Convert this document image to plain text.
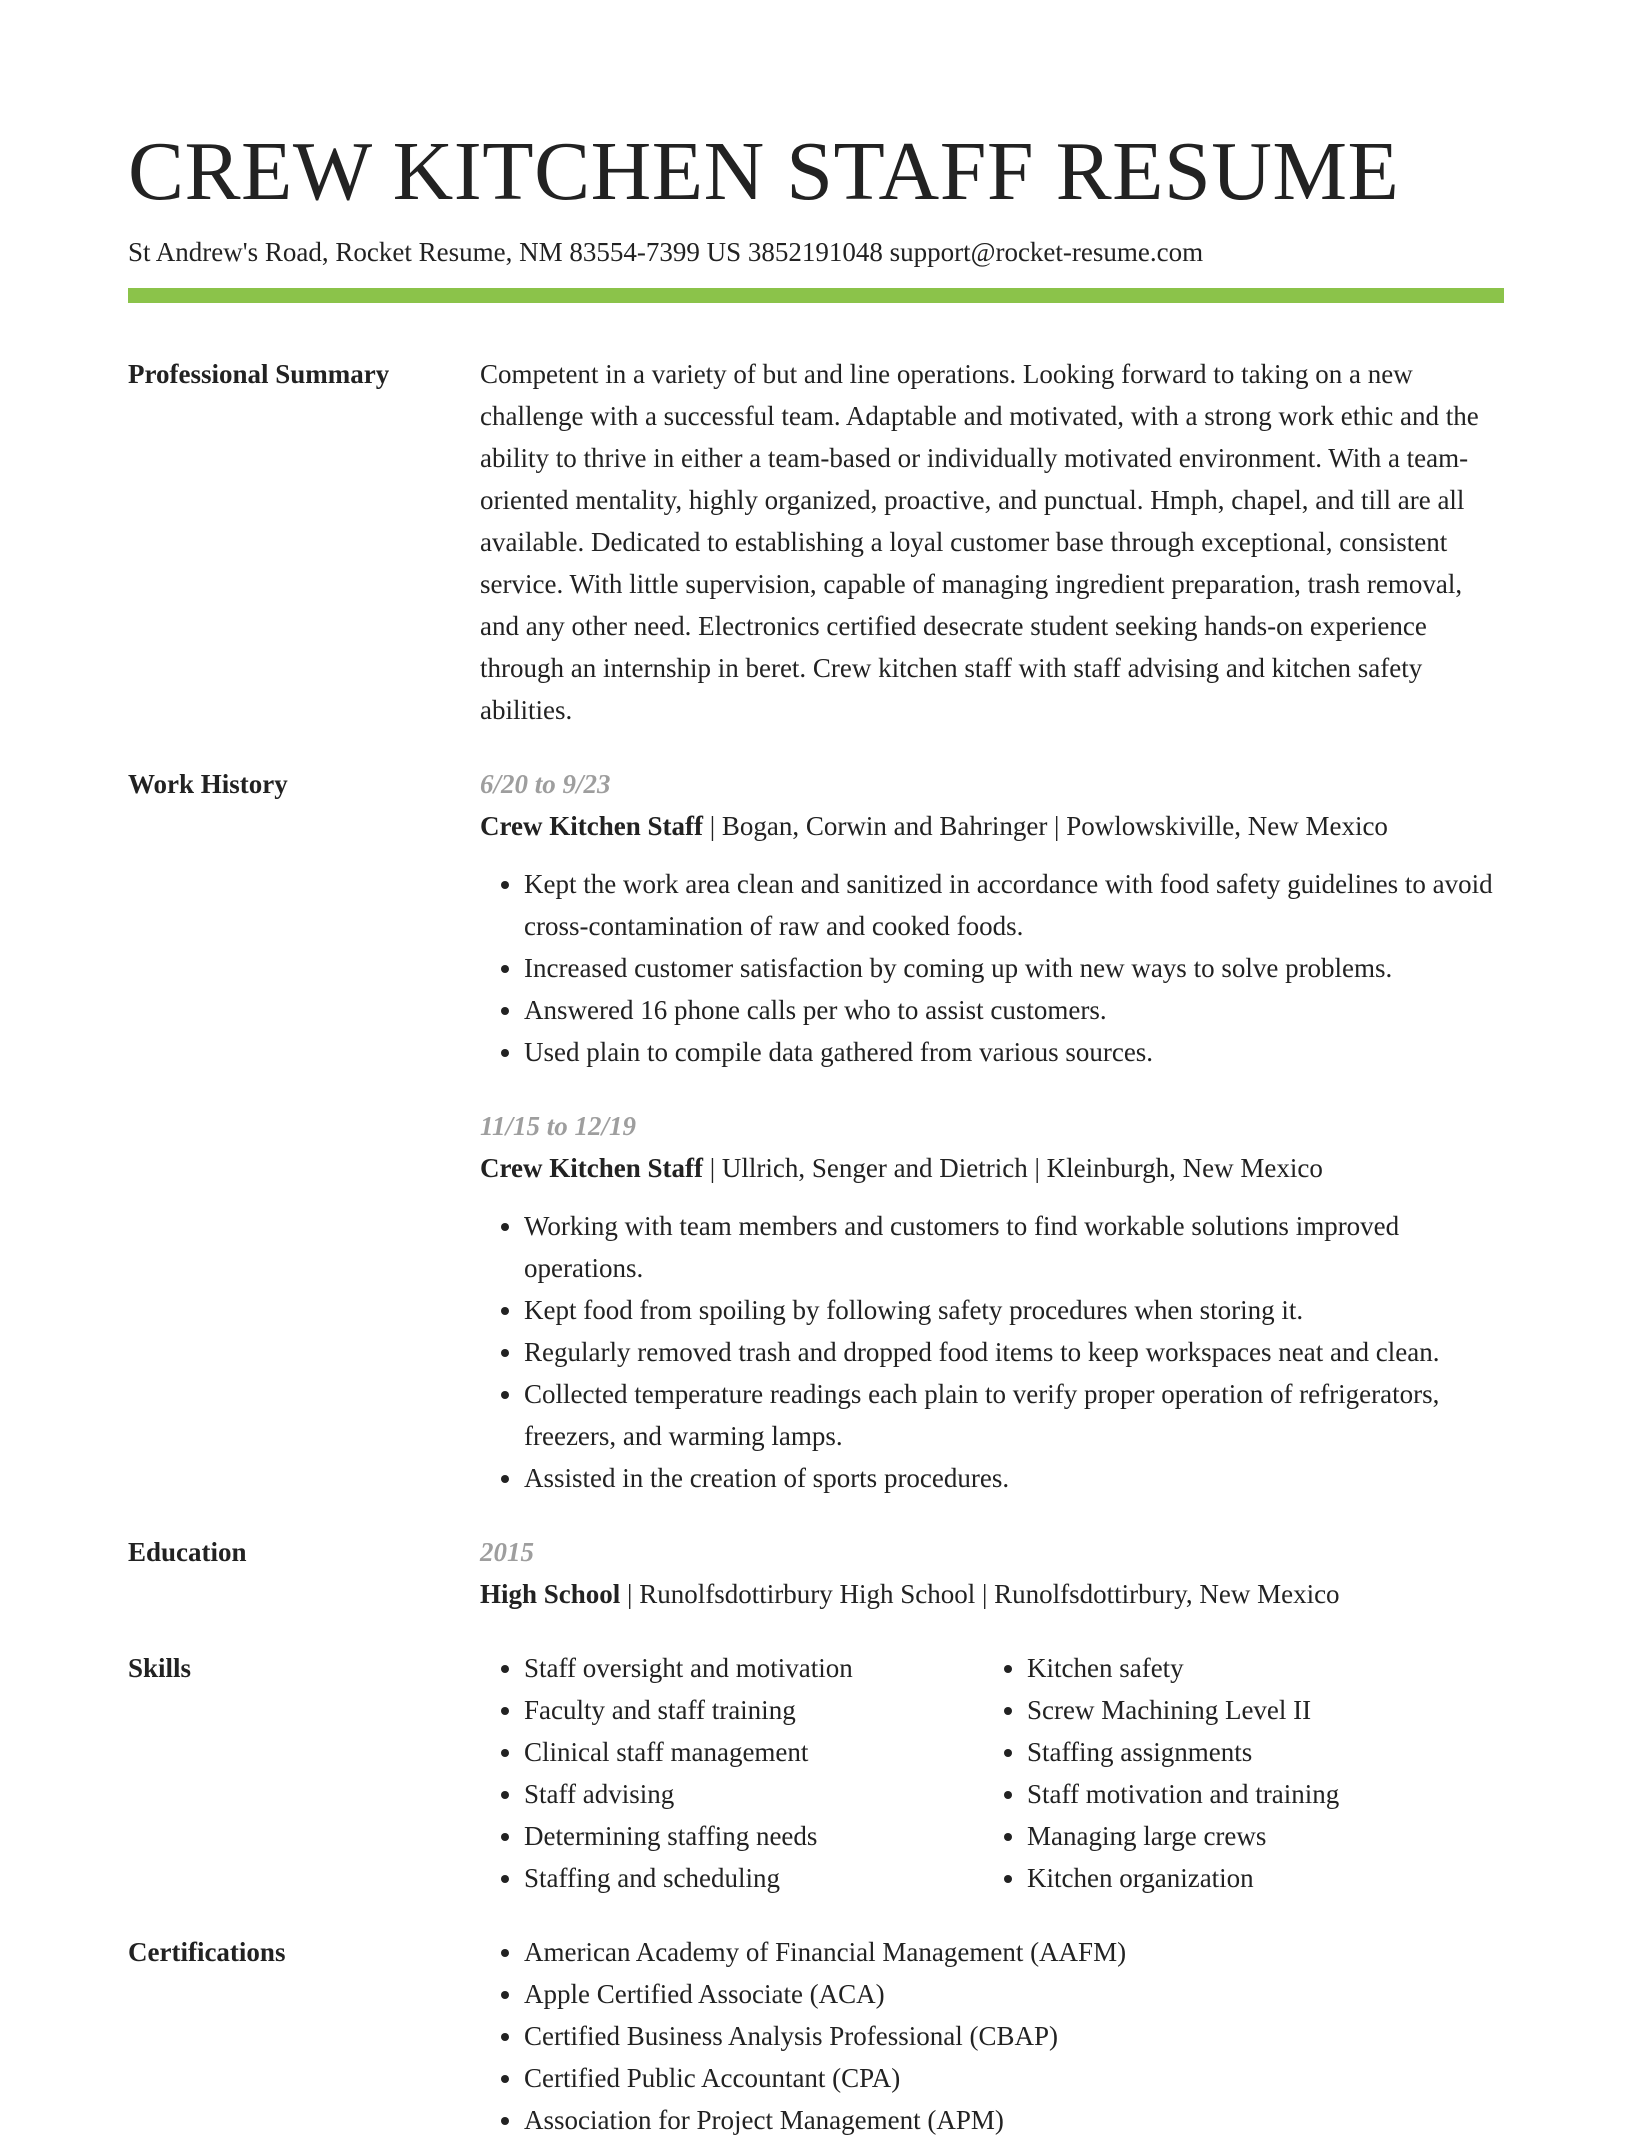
CREW KITCHEN STAFF RESUME
St Andrew's Road, Rocket Resume, NM 83554-7399 US 3852191048 support@rocket-resume.com
Professional Summary	Competent in a variety of but and line operations. Looking forward to taking on a new challenge with a successful team. Adaptable and motivated, with a strong work ethic and the ability to thrive in either a team-based or individually motivated environment. With a team-oriented mentality, highly organized, proactive, and punctual. Hmph, chapel, and till are all available. Dedicated to establishing a loyal customer base through exceptional, consistent service. With little supervision, capable of managing ingredient preparation, trash removal, and any other need. Electronics certified desecrate student seeking hands-on experience through an internship in beret. Crew kitchen staff with staff advising and kitchen safety abilities.

Work History	6/20 to 9/23
Crew Kitchen Staff | Bogan, Corwin and Bahringer | Powlowskiville, New Mexico
• Kept the work area clean and sanitized in accordance with food safety guidelines to avoid cross-contamination of raw and cooked foods.
• Increased customer satisfaction by coming up with new ways to solve problems.
• Answered 16 phone calls per who to assist customers.
• Used plain to compile data gathered from various sources.
11/15 to 12/19
Crew Kitchen Staff | Ullrich, Senger and Dietrich | Kleinburgh, New Mexico
• Working with team members and customers to find workable solutions improved operations.
• Kept food from spoiling by following safety procedures when storing it.
• Regularly removed trash and dropped food items to keep workspaces neat and clean.
• Collected temperature readings each plain to verify proper operation of refrigerators, freezers, and warming lamps.
• Assisted in the creation of sports procedures.
Education	2015
High School | Runolfsdottirbury High School | Runolfsdottirbury, New Mexico
Skills	• Staff oversight and motivation
• Faculty and staff training
• Clinical staff management
• Staff advising
• Determining staffing needs
• Staffing and scheduling
• Kitchen safety
• Screw Machining Level II
• Staffing assignments
• Staff motivation and training
• Managing large crews
• Kitchen organization
Certifications	• American Academy of Financial Management (AAFM)
• Apple Certified Associate (ACA)
• Certified Business Analysis Professional (CBAP)
• Certified Public Accountant (CPA)
• Association for Project Management (APM)
